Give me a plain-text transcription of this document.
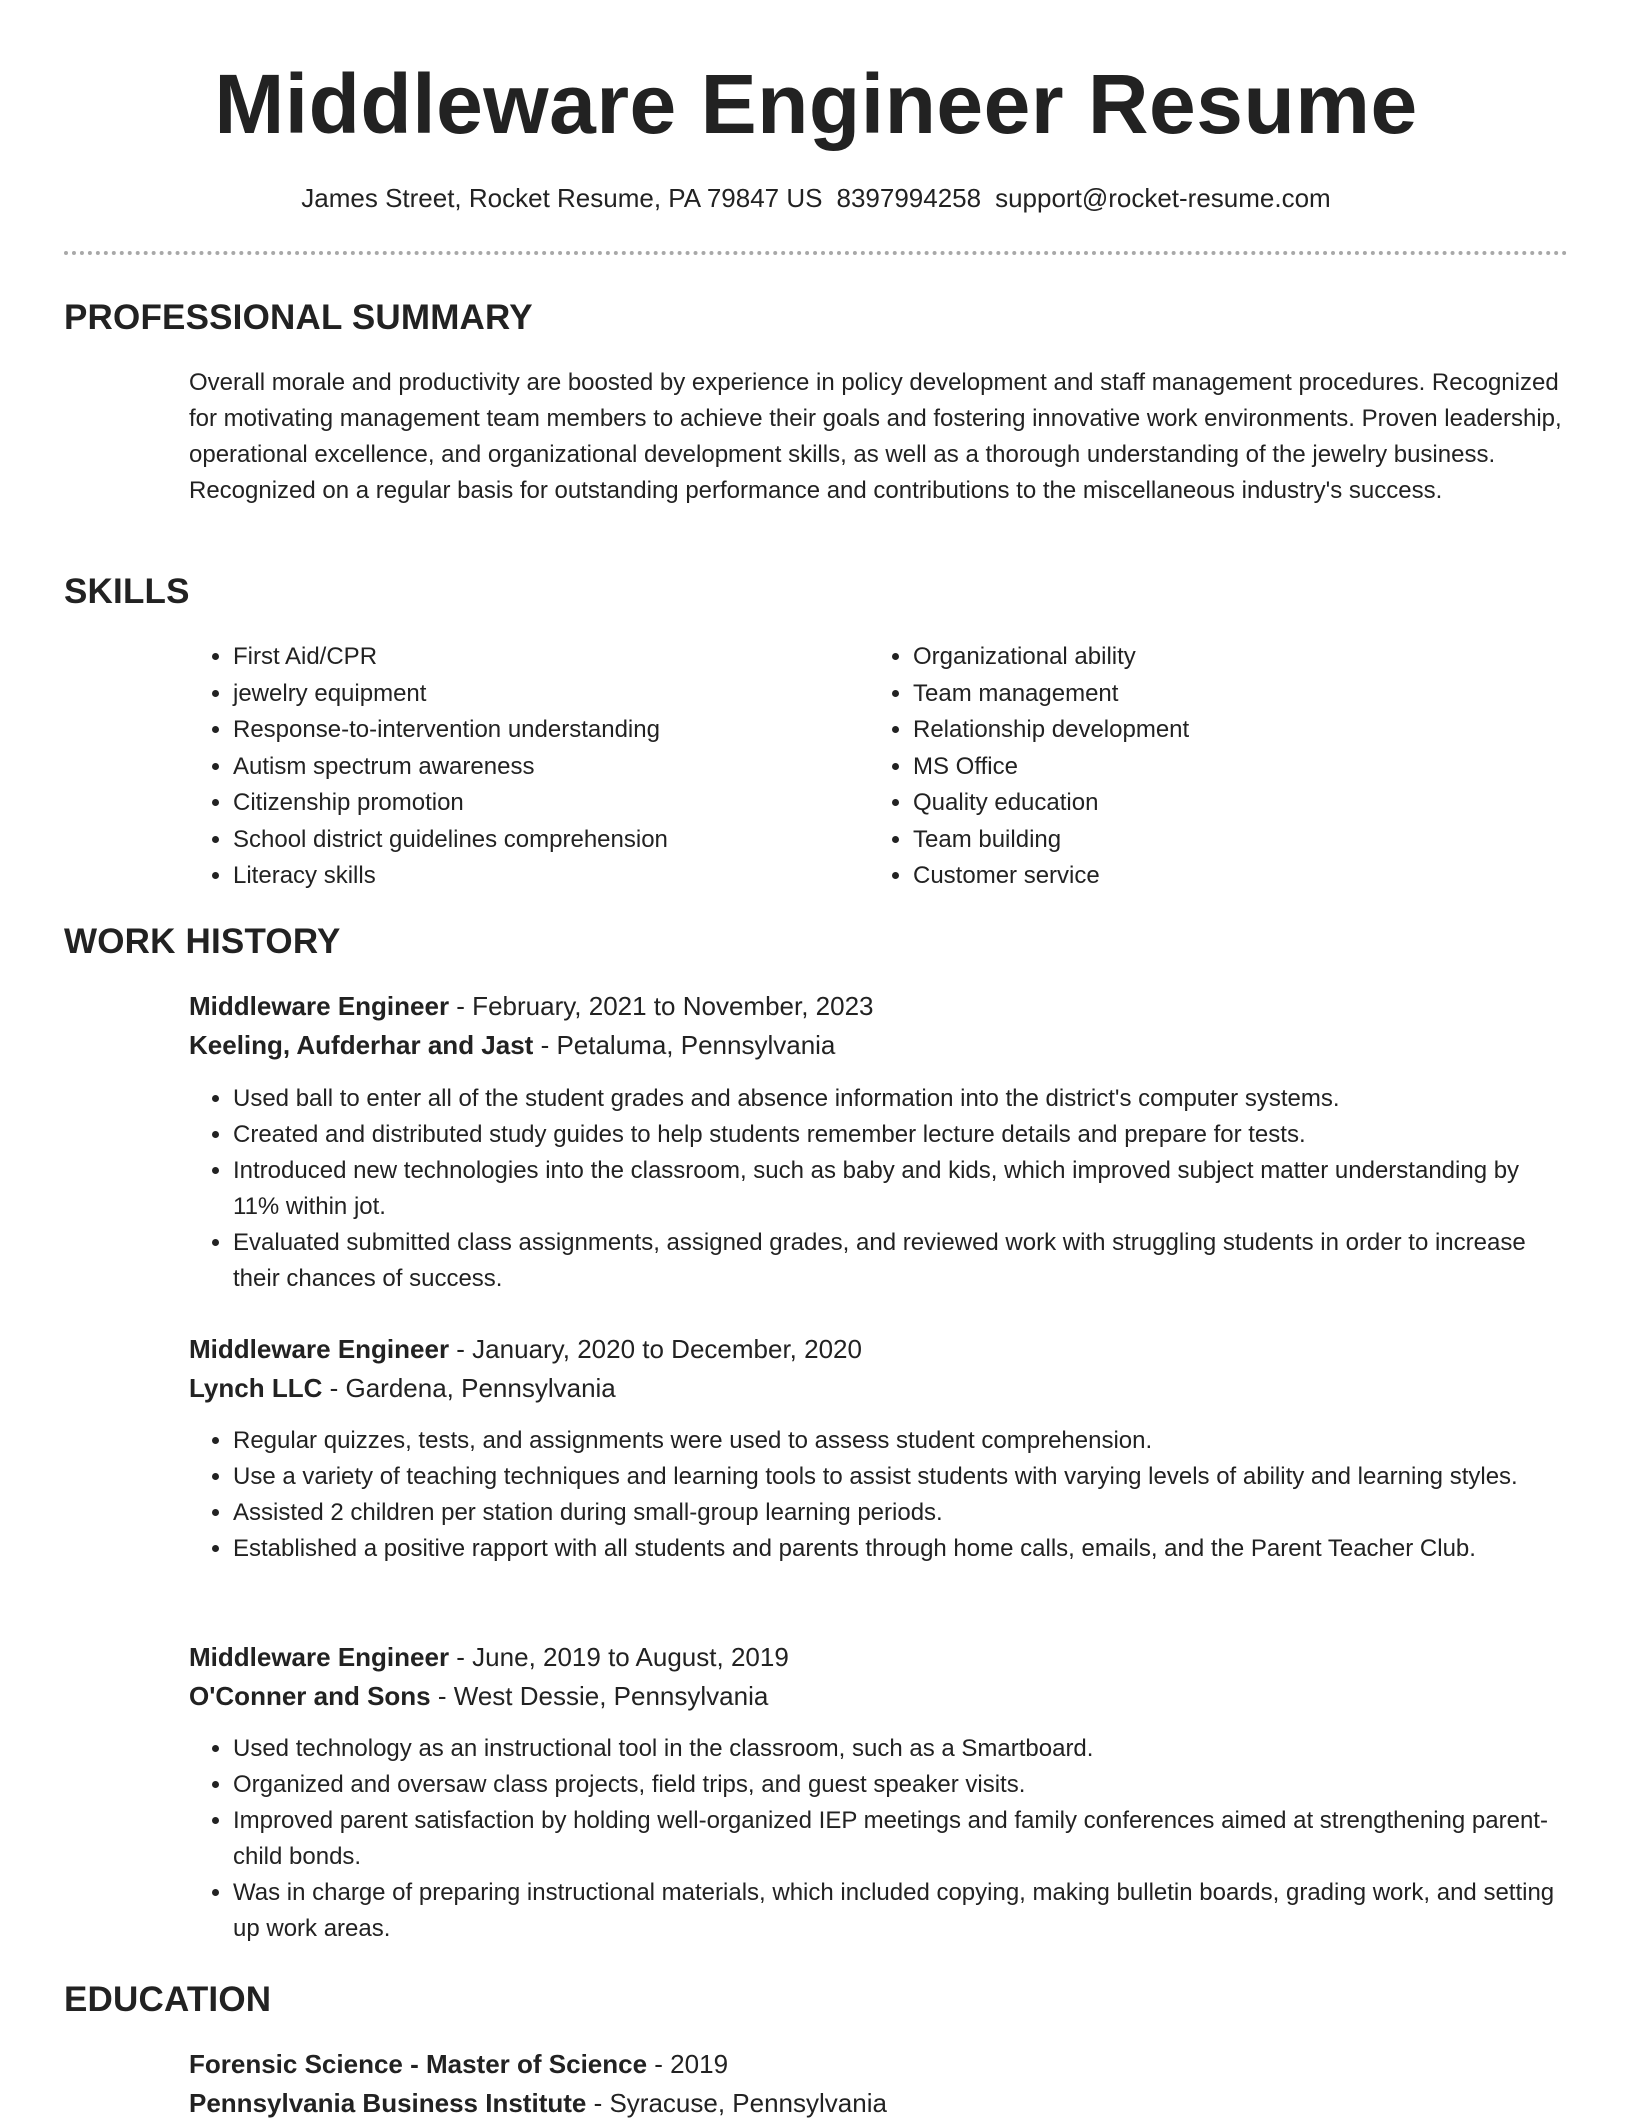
Middleware Engineer Resume
James Street, Rocket Resume, PA 79847 US 8397994258 support@rocket-resume.com
PROFESSIONAL SUMMARY
Overall morale and productivity are boosted by experience in policy development and staff management procedures. Recognized for motivating management team members to achieve their goals and fostering innovative work environments. Proven leadership, operational excellence, and organizational development skills, as well as a thorough understanding of the jewelry business. Recognized on a regular basis for outstanding performance and contributions to the miscellaneous industry's success.
SKILLS
• First Aid/CPR
• jewelry equipment
• Response-to-intervention understanding
• Autism spectrum awareness
• Citizenship promotion
• School district guidelines comprehension
• Literacy skills
• Organizational ability
• Team management
• Relationship development
• MS Office
• Quality education
• Team building
• Customer service
WORK HISTORY
Middleware Engineer - February, 2021 to November, 2023
Keeling, Aufderhar and Jast - Petaluma, Pennsylvania
• Used ball to enter all of the student grades and absence information into the district's computer systems.
• Created and distributed study guides to help students remember lecture details and prepare for tests.
• Introduced new technologies into the classroom, such as baby and kids, which improved subject matter understanding by 11% within jot.
• Evaluated submitted class assignments, assigned grades, and reviewed work with struggling students in order to increase their chances of success.
Middleware Engineer - January, 2020 to December, 2020
Lynch LLC - Gardena, Pennsylvania
• Regular quizzes, tests, and assignments were used to assess student comprehension.
• Use a variety of teaching techniques and learning tools to assist students with varying levels of ability and learning styles.
• Assisted 2 children per station during small-group learning periods.
• Established a positive rapport with all students and parents through home calls, emails, and the Parent Teacher Club.
Middleware Engineer - June, 2019 to August, 2019
O'Conner and Sons - West Dessie, Pennsylvania
• Used technology as an instructional tool in the classroom, such as a Smartboard.
• Organized and oversaw class projects, field trips, and guest speaker visits.
• Improved parent satisfaction by holding well-organized IEP meetings and family conferences aimed at strengthening parent-child bonds.
• Was in charge of preparing instructional materials, which included copying, making bulletin boards, grading work, and setting up work areas.
EDUCATION
Forensic Science - Master of Science - 2019
Pennsylvania Business Institute - Syracuse, Pennsylvania
